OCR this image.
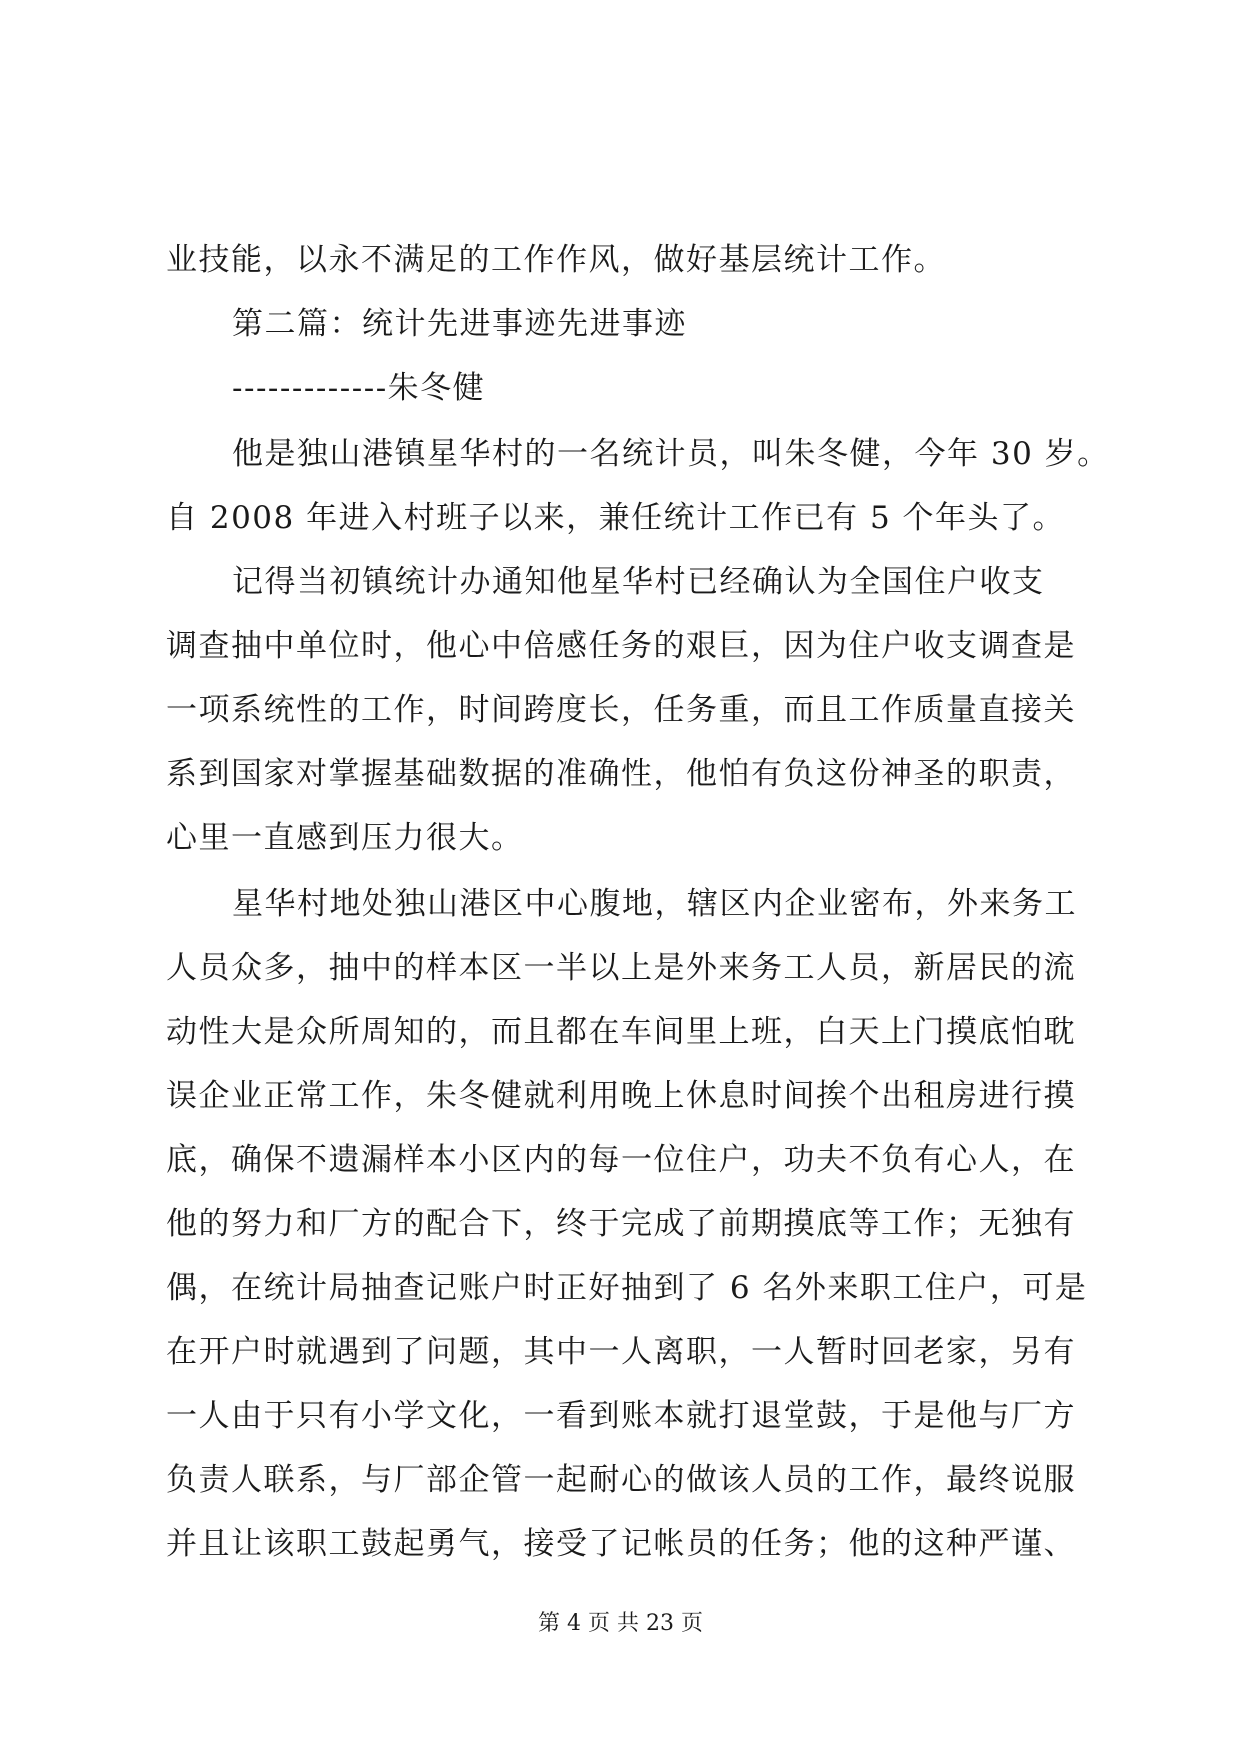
业技能，以永不满足的工作作风，做好基层统计工作。
第二篇：统计先进事迹先进事迹
-------------朱冬健
他是独山港镇星华村的一名统计员，叫朱冬健，今年 30 岁。
自 2008 年进入村班子以来，兼任统计工作已有 5 个年头了。
记得当初镇统计办通知他星华村已经确认为全国住户收支
调查抽中单位时，他心中倍感任务的艰巨，因为住户收支调查是
一项系统性的工作，时间跨度长，任务重，而且工作质量直接关
系到国家对掌握基础数据的准确性，他怕有负这份神圣的职责，
心里一直感到压力很大。
星华村地处独山港区中心腹地，辖区内企业密布，外来务工
人员众多，抽中的样本区一半以上是外来务工人员，新居民的流
动性大是众所周知的，而且都在车间里上班，白天上门摸底怕耽
误企业正常工作，朱冬健就利用晚上休息时间挨个出租房进行摸
底，确保不遗漏样本小区内的每一位住户，功夫不负有心人，在
他的努力和厂方的配合下，终于完成了前期摸底等工作；无独有
偶，在统计局抽查记账户时正好抽到了 6 名外来职工住户，可是
在开户时就遇到了问题，其中一人离职，一人暂时回老家，另有
一人由于只有小学文化，一看到账本就打退堂鼓，于是他与厂方
负责人联系，与厂部企管一起耐心的做该人员的工作，最终说服
并且让该职工鼓起勇气，接受了记帐员的任务；他的这种严谨、
第 4 页 共 23 页
